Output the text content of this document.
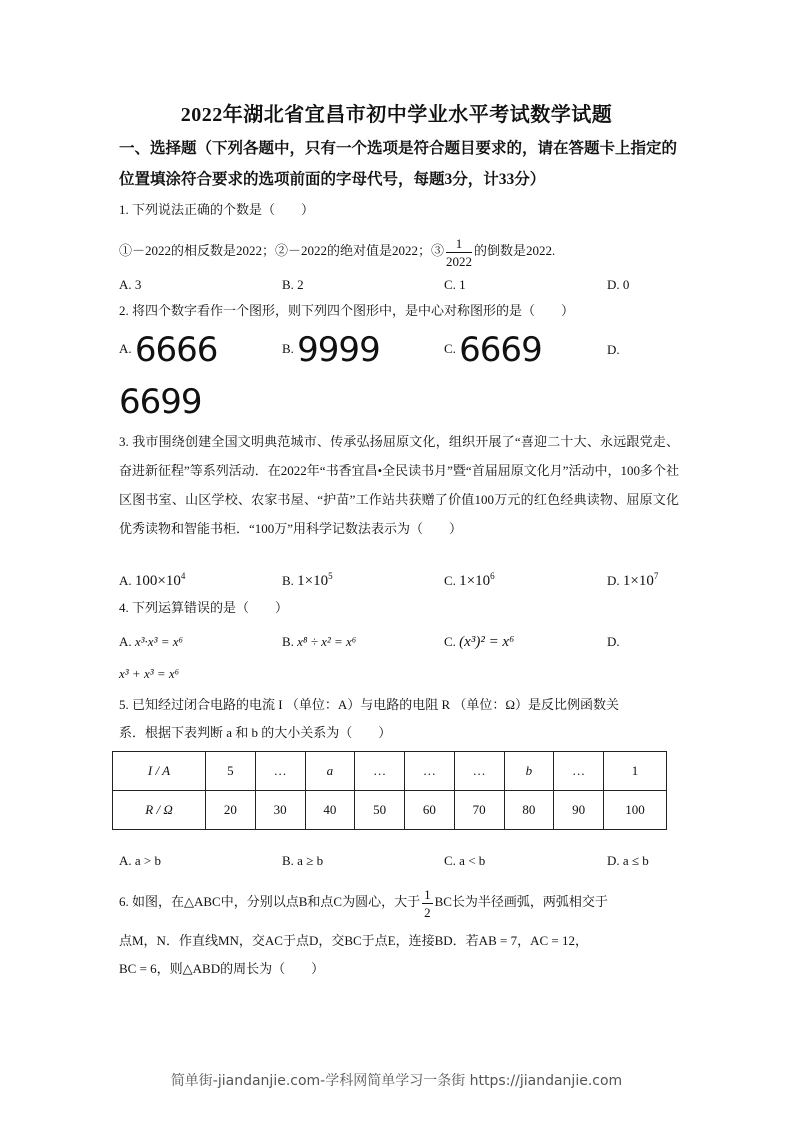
2022年湖北省宜昌市初中学业水平考试数学试题
一、选择题（下列各题中，只有一个选项是符合题目要求的，请在答题卡上指定的位置填涂符合要求的选项前面的字母代号，每题3分，计33分）
1. 下列说法正确的个数是（　　）
①－2022的相反数是2022；②－2022的绝对值是2022；③ $\frac{1}{2022}$ 的倒数是2022.
A. 3	B. 2	C. 1	D. 0
2. 将四个数字看作一个图形，则下列四个图形中，是中心对称图形的是（　　）
A. 6666	B. 9999	C. 6669	D.
6699
3. 我市围绕创建全国文明典范城市、传承弘扬屈原文化，组织开展了“喜迎二十大、永远跟党走、奋进新征程”等系列活动．在2022年“书香宜昌•全民读书月”暨“首届屈原文化月”活动中，100多个社区图书室、山区学校、农家书屋、“护苗”工作站共获赠了价值100万元的红色经典读物、屈原文化优秀读物和智能书柜．“100万”用科学记数法表示为（　　）
A. $100\times 10^4$	B. $1\times 10^5$	C. $1\times 10^6$	D. $1\times 10^7$
4. 下列运算错误的是（　　）
A. x³·x³ = x⁶	B. x⁸ ÷ x² = x⁶	C. (x³)² = x⁶	D.
x³ + x³ = x⁶
5. 已知经过闭合电路的电流 I （单位：A）与电路的电阻 R （单位：Ω）是反比例函数关
系．根据下表判断 a 和 b 的大小关系为（　　）
I / A	5	…	a	…	…	…	b	…	1
R / Ω	20	30	40	50	60	70	80	90	100
A. a > b	B. a ≥ b	C. a < b	D. a ≤ b
6. 如图，在△ABC中，分别以点B和点C为圆心，大于 $\frac{1}{2}$ BC长为半径画弧，两弧相交于
点M，N．作直线MN，交AC于点D，交BC于点E，连接BD．若AB = 7，AC = 12，
BC = 6，则△ABD的周长为（　　）
简单街-jiandanjie.com-学科网简单学习一条街 https://jiandanjie.com
